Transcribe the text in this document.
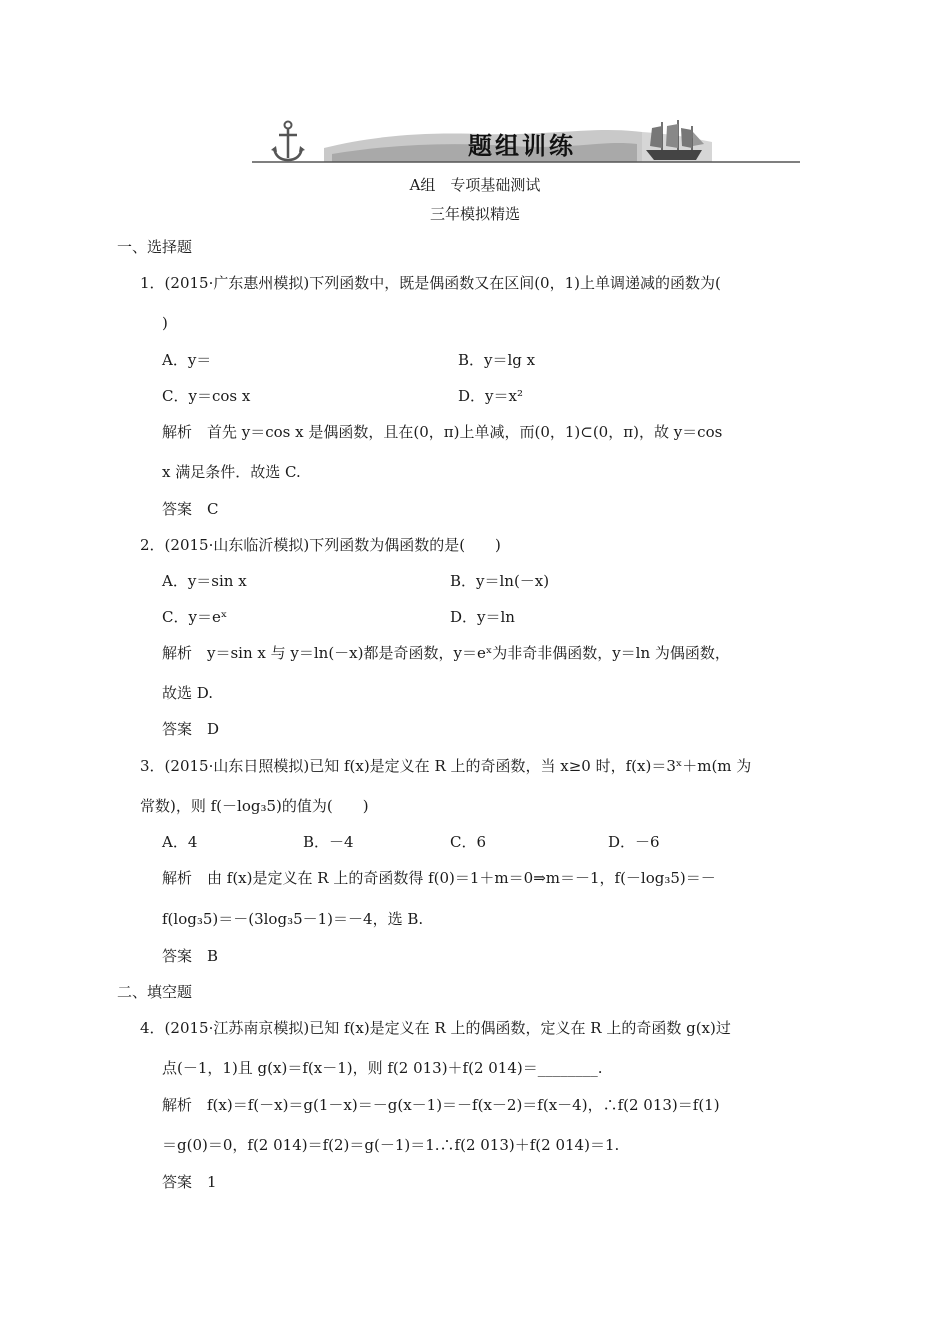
题组训练
A组　专项基础测试
三年模拟精选
一、选择题
1．(2015·广东惠州模拟)下列函数中，既是偶函数又在区间(0，1)上单调递减的函数为(
)
A．y＝	B．y＝lg x
C．y＝cos x	D．y＝x²
解析　首先 y＝cos x 是偶函数，且在(0，π)上单减，而(0，1)⊂(0，π)，故 y＝cos
x 满足条件．故选 C.
答案　C
2．(2015·山东临沂模拟)下列函数为偶函数的是(　　)
A．y＝sin x	B．y＝ln(－x)
C．y＝eˣ	D．y＝ln
解析　y＝sin x 与 y＝ln(－x)都是奇函数，y＝eˣ为非奇非偶函数，y＝ln 为偶函数，
故选 D.
答案　D
3．(2015·山东日照模拟)已知 f(x)是定义在 R 上的奇函数，当 x≥0 时，f(x)＝3ˣ＋m(m 为
常数)，则 f(－log₃5)的值为(　　)
A．4	B．－4	C．6	D．－6
解析　由 f(x)是定义在 R 上的奇函数得 f(0)＝1＋m＝0⇒m＝－1，f(－log₃5)＝－
f(log₃5)＝－(3log₃5－1)＝－4，选 B.
答案　B
二、填空题
4．(2015·江苏南京模拟)已知 f(x)是定义在 R 上的偶函数，定义在 R 上的奇函数 g(x)过
点(－1，1)且 g(x)＝f(x－1)，则 f(2 013)＋f(2 014)＝________.
解析　f(x)＝f(－x)＝g(1－x)＝－g(x－1)＝－f(x－2)＝f(x－4)，∴f(2 013)＝f(1)
＝g(0)＝0，f(2 014)＝f(2)＝g(－1)＝1.∴f(2 013)＋f(2 014)＝1.
答案　1
